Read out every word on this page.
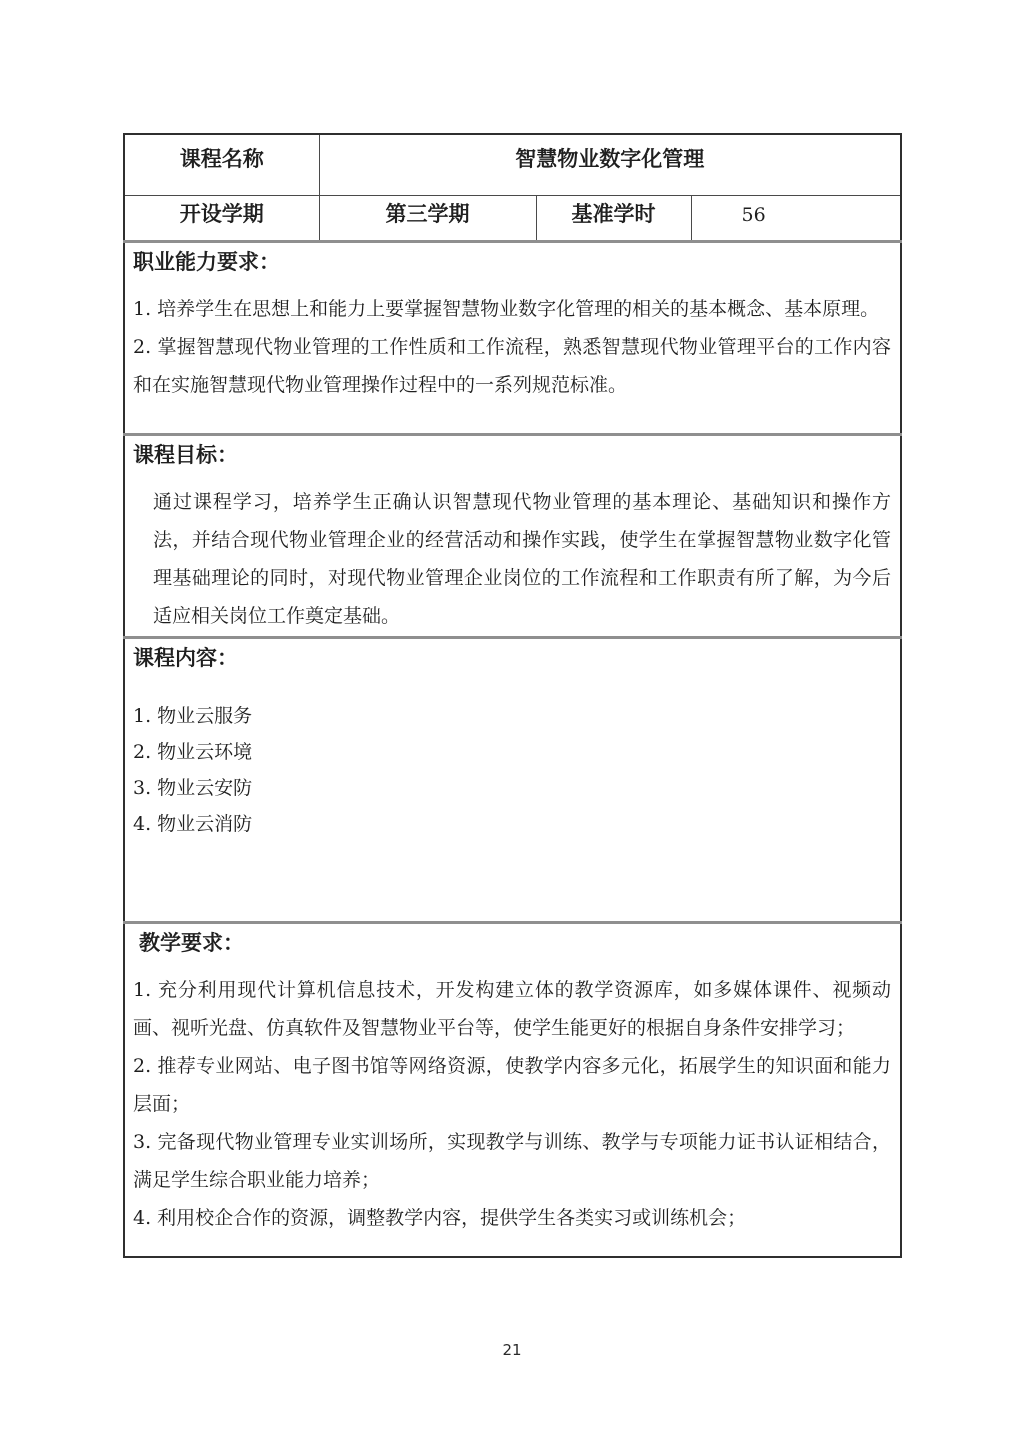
课程名称	智慧物业数字化管理		

开设学期	第三学期	基准学时	56

职业能力要求：

1. 培养学生在思想上和能力上要掌握智慧物业数字化管理的相关的基本概念、基本原理。

2. 掌握智慧现代物业管理的工作性质和工作流程，熟悉智慧现代物业管理平台的工作内容和在实施智慧现代物业管理操作过程中的一系列规范标准。			

课程目标：

通过课程学习，培养学生正确认识智慧现代物业管理的基本理论、基础知识和操作方法，并结合现代物业管理企业的经营活动和操作实践，使学生在掌握智慧物业数字化管理基础理论的同时，对现代物业管理企业岗位的工作流程和工作职责有所了解，为今后适应相关岗位工作奠定基础。			

课程内容：

1. 物业云服务

2. 物业云环境

3. 物业云安防

4. 物业云消防			

教学要求：

1. 充分利用现代计算机信息技术，开发构建立体的教学资源库，如多媒体课件、视频动画、视听光盘、仿真软件及智慧物业平台等，使学生能更好的根据自身条件安排学习；

2. 推荐专业网站、电子图书馆等网络资源，使教学内容多元化，拓展学生的知识面和能力层面；

3. 完备现代物业管理专业实训场所，实现教学与训练、教学与专项能力证书认证相结合，满足学生综合职业能力培养；

4. 利用校企合作的资源，调整教学内容，提供学生各类实习或训练机会；			

21
